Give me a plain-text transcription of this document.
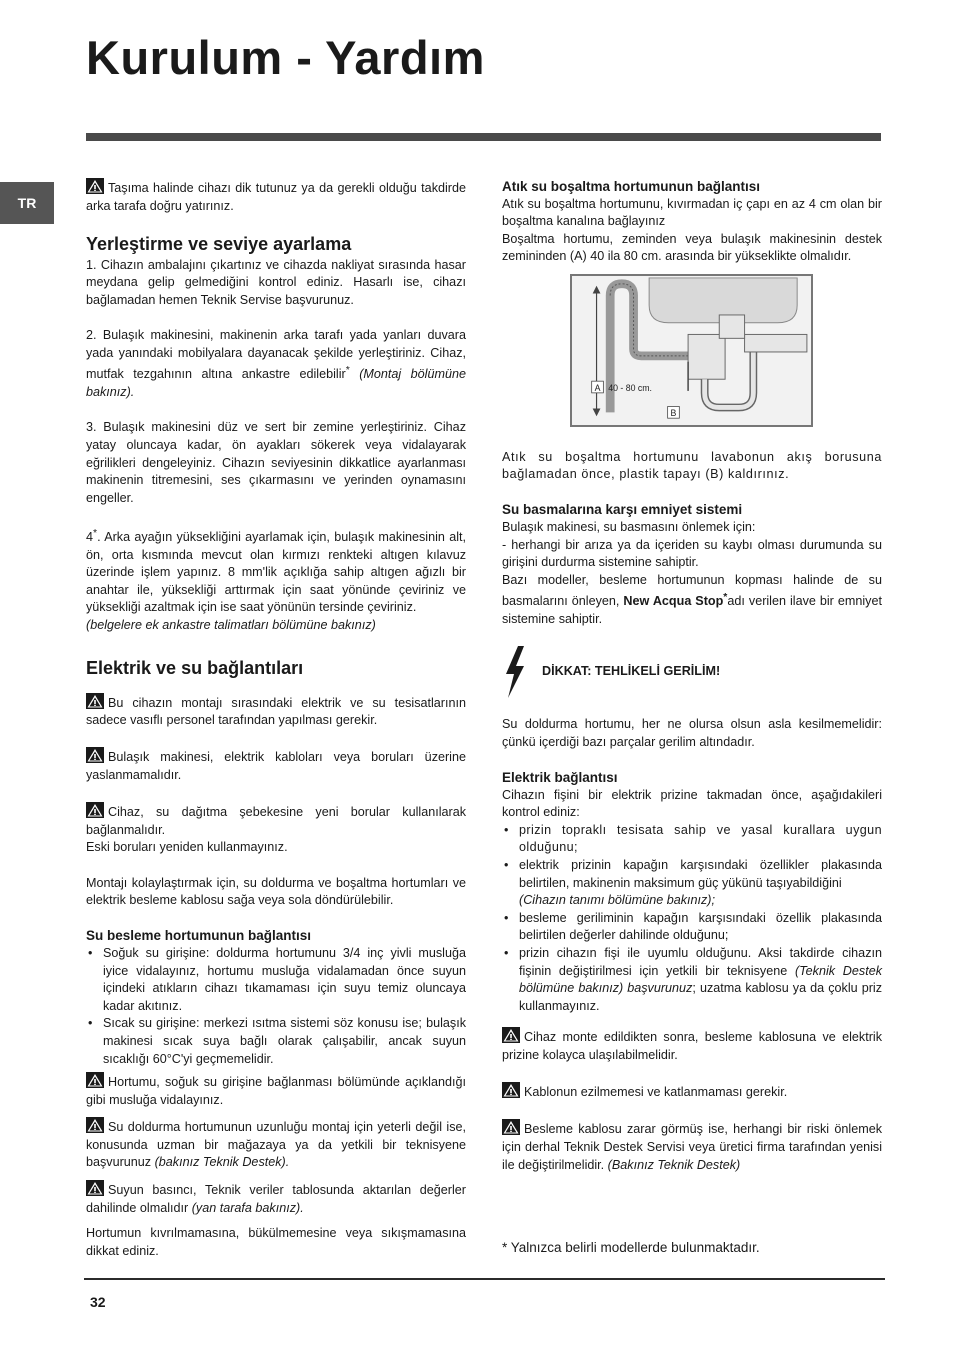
Kurulum - Yardım
TR

Taşıma halinde cihazı dik tutunuz ya da gerekli olduğu takdirde arka tarafa doğru yatırınız.

Yerleştirme ve seviye ayarlama

1. Cihazın ambalajını çıkartınız ve cihazda nakliyat sırasında hasar meydana gelip gelmediğini kontrol ediniz. Hasarlı ise, cihazı bağlamadan hemen Teknik Servise başvurunuz.

2. Bulaşık makinesini, makinenin arka tarafı yada yanları duvara yada yanındaki mobilyalara dayanacak şekilde yerleştiriniz. Cihaz, mutfak tezgahının altına ankastre edilebilir* (Montaj bölümüne bakınız).

3. Bulaşık makinesini düz ve sert bir zemine yerleştiriniz. Cihaz yatay oluncaya kadar, ön ayakları sökerek veya vidalayarak eğrilikleri dengeleyiniz. Cihazın seviyesinin dikkatlice ayarlanması makinenin titremesini, ses çıkarmasını ve yerinden oynamasını engeller.

4*. Arka ayağın yüksekliğini ayarlamak için, bulaşık makinesinin alt, ön, orta kısmında mevcut olan kırmızı renkteki altıgen kılavuz üzerinde işlem yapınız. 8 mm'lik açıklığa sahip altıgen ağızlı bir anahtar ile, yüksekliği arttırmak için saat yönünde çeviriniz ve yüksekliği azaltmak için ise saat yönünün tersinde çeviriniz.
(belgelere ek ankastre talimatları bölümüne bakınız)

Elektrik ve su bağlantıları

Bu cihazın montajı sırasındaki elektrik ve su tesisatlarının sadece vasıflı personel tarafından yapılması gerekir.

Bulaşık makinesi, elektrik kabloları veya boruları üzerine yaslanmamalıdır.

Cihaz, su dağıtma şebekesine yeni borular kullanılarak bağlanmalıdır.

Eski boruları yeniden kullanmayınız.

Montajı kolaylaştırmak için, su doldurma ve boşaltma hortumları ve elektrik besleme kablosu sağa veya sola döndürülebilir.

Su besleme hortumunun bağlantısı
• Soğuk su girişine: doldurma hortumunu 3/4 inç yivli musluğa iyice vidalayınız, hortumu musluğa vidalamadan önce suyun içindeki atıkların cihazı tıkamaması için suyu temiz oluncaya kadar akıtınız.
• Sıcak su girişine: merkezi ısıtma sistemi söz konusu ise; bulaşık makinesi sıcak suya bağlı olarak çalışabilir, ancak suyun sıcaklığı 60°C'yi geçmemelidir.

Hortumu, soğuk su girişine bağlanması bölümünde açıklandığı gibi musluğa vidalayınız.

Su doldurma hortumunun uzunluğu montaj için yeterli değil ise, konusunda uzman bir mağazaya ya da yetkili bir teknisyene başvurunuz (bakınız Teknik Destek).

Suyun basıncı, Teknik veriler tablosunda aktarılan değerler dahilinde olmalıdır (yan tarafa bakınız).

Hortumun kıvrılmamasına, bükülmemesine veya sıkışmamasına dikkat ediniz.

Atık su boşaltma hortumunun bağlantısı

Atık su boşaltma hortumunu, kıvırmadan iç çapı en az 4 cm olan bir boşaltma kanalına bağlayınız

Boşaltma hortumu, zeminden veya bulaşık makinesinin destek zemininden (A) 40 ila 80 cm. arasında bir yükseklikte olmalıdır.

A 40 - 80 cm.
B

Atık su boşaltma hortumunu lavabonun akış borusuna bağlamadan önce, plastik tapayı (B) kaldırınız.

Su basmalarına karşı emniyet sistemi

Bulaşık makinesi, su basmasını önlemek için:

- herhangi bir arıza ya da içeriden su kaybı olması durumunda su girişini durdurma sistemine sahiptir.

Bazı modeller, besleme hortumunun kopması halinde de su basmalarını önleyen, New Acqua Stop*adı verilen ilave bir emniyet sistemine sahiptir.

DİKKAT: TEHLİKELİ GERİLİM!

Su doldurma hortumu, her ne olursa olsun asla kesilmemelidir: çünkü içerdiği bazı parçalar gerilim altındadır.

Elektrik bağlantısı

Cihazın fişini bir elektrik prizine takmadan önce, aşağıdakileri kontrol ediniz:

• prizin topraklı tesisata sahip ve yasal kurallara uygun olduğunu;
• elektrik prizinin kapağın karşısındaki özellikler plakasında belirtilen, makinenin maksimum güç yükünü taşıyabildiğini
(Cihazın tanımı bölümüne bakınız);
• besleme geriliminin kapağın karşısındaki özellik plakasında belirtilen değerler dahilinde olduğunu;
• prizin cihazın fişi ile uyumlu olduğunu. Aksi takdirde cihazın fişinin değiştirilmesi için yetkili bir teknisyene (Teknik Destek bölümüne bakınız) başvurunuz; uzatma kablosu ya da çoklu priz kullanmayınız.

Cihaz monte edildikten sonra, besleme kablosuna ve elektrik prizine kolayca ulaşılabilmelidir.

Kablonun ezilmemesi ve katlanmaması gerekir.

Besleme kablosu zarar görmüş ise, herhangi bir riski önlemek için derhal Teknik Destek Servisi veya üretici firma tarafından yenisi ile değiştirilmelidir. (Bakınız Teknik Destek)

* Yalnızca belirli modellerde bulunmaktadır.
32
